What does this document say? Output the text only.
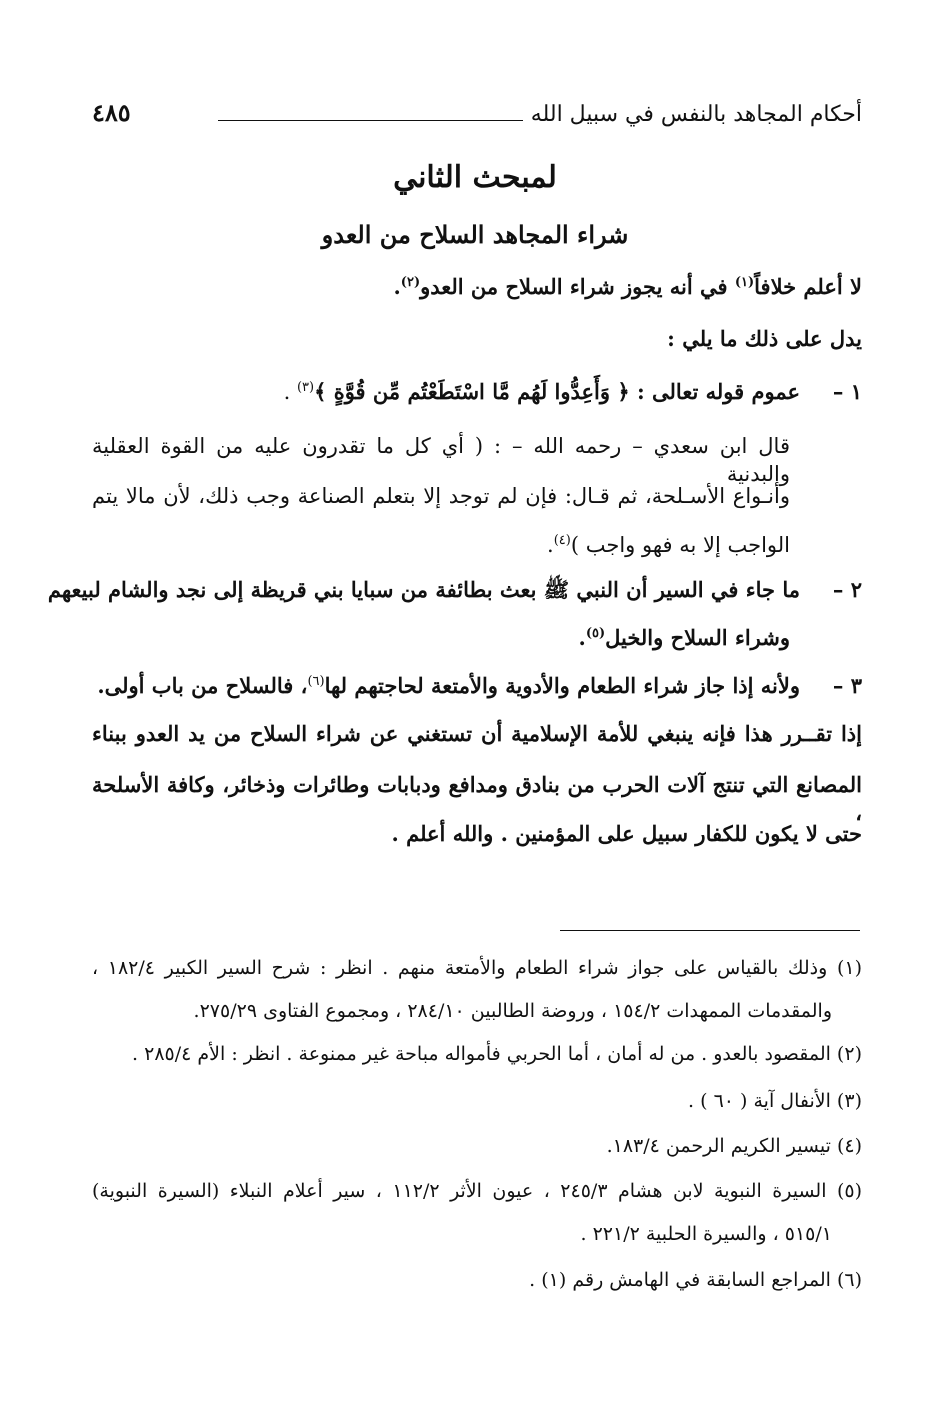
أحكام المجاهد بالنفس في سبيل الله
٤٨٥
لمبحث الثاني
شراء المجاهد السلاح من العدو
لا أعلم خلافاً$^{(١)}$ في أنه يجوز شراء السلاح من العدو$^{(٢)}$.
يدل على ذلك ما يلي :
١ –عموم قوله تعالى : ﴿ وَأَعِدُّوا لَهُم مَّا اسْتَطَعْتُم مِّن قُوَّةٍ ﴾$^{(٣)}$ .
قال ابن سعدي – رحمه الله – : ( أي كل ما تقدرون عليه من القوة العقلية والبدنية
وأنـواع الأسـلحة، ثم قـال: فإن لم توجد إلا بتعلم الصناعة وجب ذلك، لأن مالا يتم
الواجب إلا به فهو واجب )$^{(٤)}$.
٢ –ما جاء في السير أن النبي ﷺ بعث بطائفة من سبايا بني قريظة إلى نجد والشام لبيعهم
وشراء السلاح والخيل$^{(٥)}$.
٣ –ولأنه إذا جاز شراء الطعام والأدوية والأمتعة لحاجتهم لها$^{(٦)}$، فالسلاح من باب أولى.
إذا تقــرر هذا فإنه ينبغي للأمة الإسلامية أن تستغني عن شراء السلاح من يد العدو ببناء
المصانع التي تنتج آلات الحرب من بنادق ومدافع ودبابات وطائرات وذخائر، وكافة الأسلحة ،
حتى لا يكون للكفار سبيل على المؤمنين . والله أعلم .
(١) وذلك بالقياس على جواز شراء الطعام والأمتعة منهم . انظر : شرح السير الكبير ١٨٢/٤ ،
والمقدمات الممهدات ١٥٤/٢ ، وروضة الطالبين ٢٨٤/١٠ ، ومجموع الفتاوى ٢٧٥/٢٩.
(٢) المقصود بالعدو . من له أمان ، أما الحربي فأمواله مباحة غير ممنوعة . انظر : الأم ٢٨٥/٤ .
(٣) الأنفال آية ( ٦٠ ) .
(٤) تيسير الكريم الرحمن ١٨٣/٤.
(٥) السيرة النبوية لابن هشام ٢٤٥/٣ ، عيون الأثر ١١٢/٢ ، سير أعلام النبلاء (السيرة النبوية)
٥١٥/١ ، والسيرة الحلبية ٢٢١/٢ .
(٦) المراجع السابقة في الهامش رقم (١) .
